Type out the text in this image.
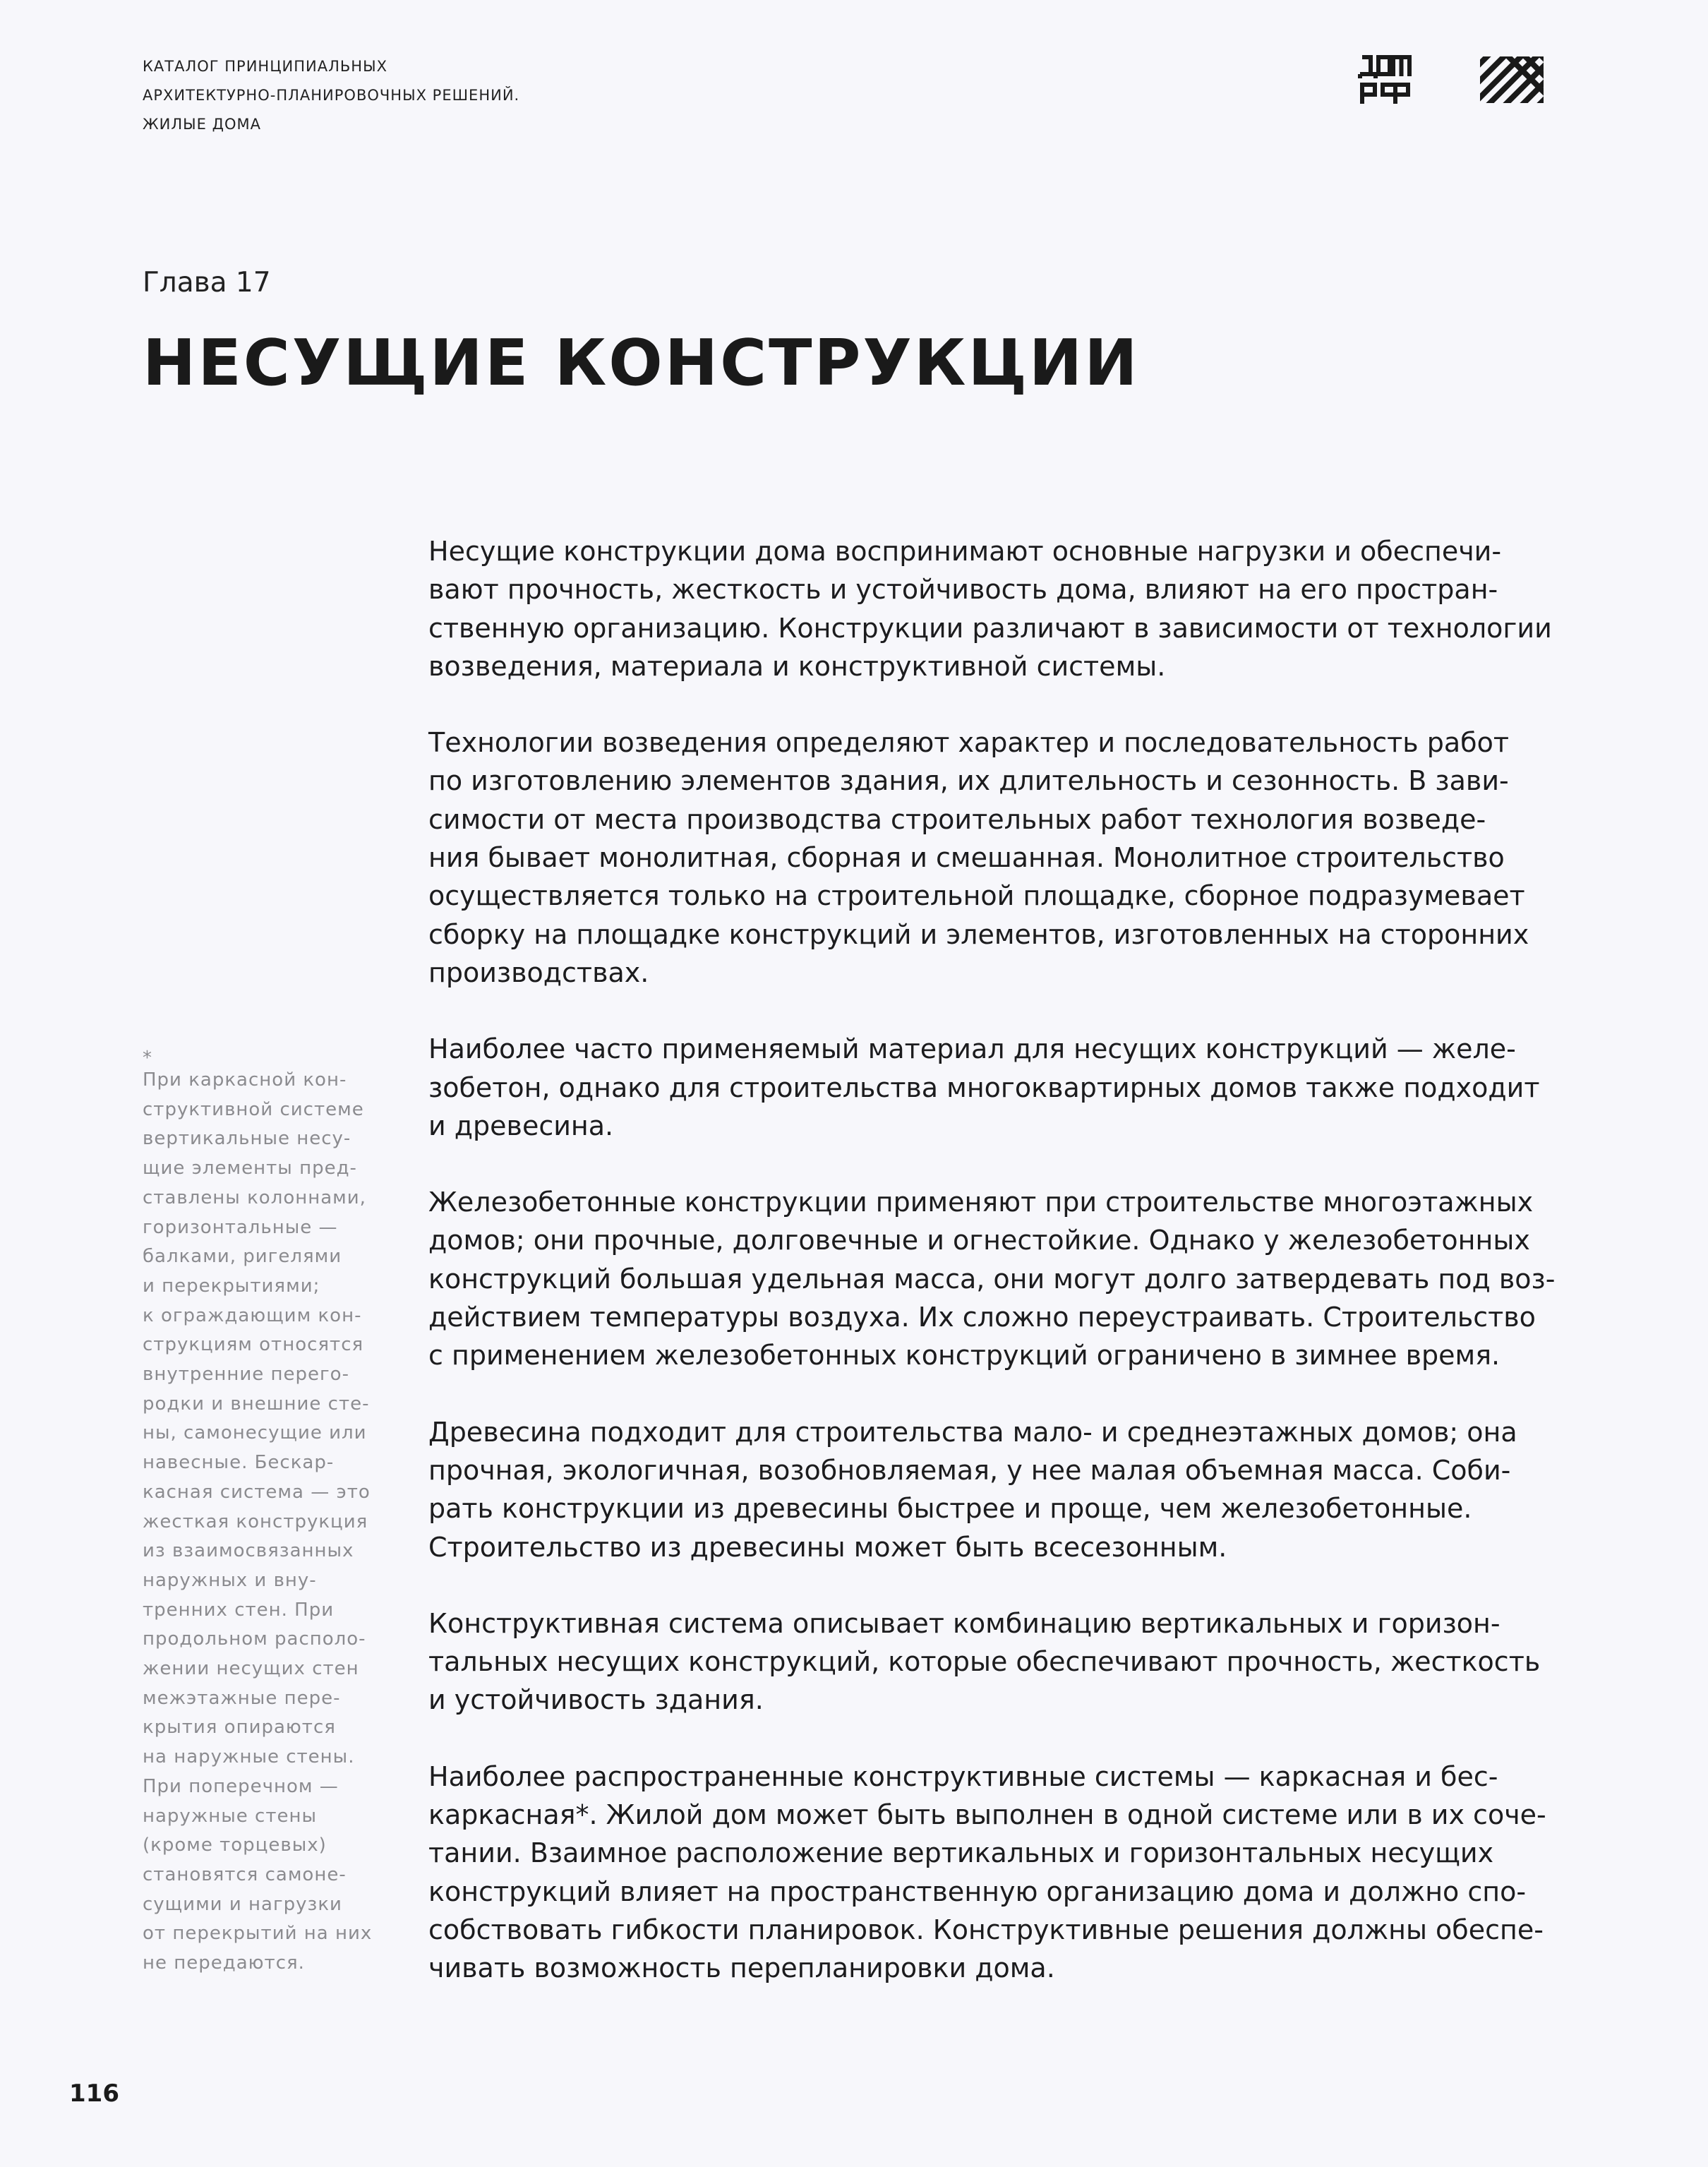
КАТАЛОГ ПРИНЦИПИАЛЬНЫХ
АРХИТЕКТУРНО-ПЛАНИРОВОЧНЫХ РЕШЕНИЙ.
ЖИЛЫЕ ДОМА
Глава 17
НЕСУЩИЕ КОНСТРУКЦИИ
*
При каркасной кон-
структивной системе
вертикальные несу-
щие элементы пред-
ставлены колоннами,
горизонтальные —
балками, ригелями
и перекрытиями;
к ограждающим кон-
струкциям относятся
внутренние перего-
родки и внешние сте-
ны, самонесущие или
навесные. Бескар-
касная система — это
жесткая конструкция
из взаимосвязанных
наружных и вну-
тренних стен. При
продольном располо-
жении несущих стен
межэтажные пере-
крытия опираются
на наружные стены.
При поперечном —
наружные стены
(кроме торцевых)
становятся самоне-
сущими и нагрузки
от перекрытий на них
не передаются.

Несущие конструкции дома воспринимают основные нагрузки и обеспечи-
вают прочность, жесткость и устойчивость дома, влияют на его простран-
ственную организацию. Конструкции различают в зависимости от технологии
возведения, материала и конструктивной системы.

Технологии возведения определяют характер и последовательность работ
по изготовлению элементов здания, их длительность и сезонность. В зави-
симости от места производства строительных работ технология возведе-
ния бывает монолитная, сборная и смешанная. Монолитное строительство
осуществляется только на строительной площадке, сборное подразумевает
сборку на площадке конструкций и элементов, изготовленных на сторонних
производствах.

Наиболее часто применяемый материал для несущих конструкций — желе-
зобетон, однако для строительства многоквартирных домов также подходит
и древесина.

Железобетонные конструкции применяют при строительстве многоэтажных
домов; они прочные, долговечные и огнестойкие. Однако у железобетонных
конструкций большая удельная масса, они могут долго затвердевать под воз-
действием температуры воздуха. Их сложно переустраивать. Строительство
с применением железобетонных конструкций ограничено в зимнее время.

Древесина подходит для строительства мало- и среднеэтажных домов; она
прочная, экологичная, возобновляемая, у нее малая объемная масса. Соби-
рать конструкции из древесины быстрее и проще, чем железобетонные.
Строительство из древесины может быть всесезонным.

Конструктивная система описывает комбинацию вертикальных и горизон-
тальных несущих конструкций, которые обеспечивают прочность, жесткость
и устойчивость здания.

Наиболее распространенные конструктивные системы — каркасная и бес-
каркасная*. Жилой дом может быть выполнен в одной системе или в их сочe-
тании. Взаимное расположение вертикальных и горизонтальных несущих
конструкций влияет на пространственную организацию дома и должно спо-
собствовать гибкости планировок. Конструктивные решения должны обеспе-
чивать возможность перепланировки дома.

116
